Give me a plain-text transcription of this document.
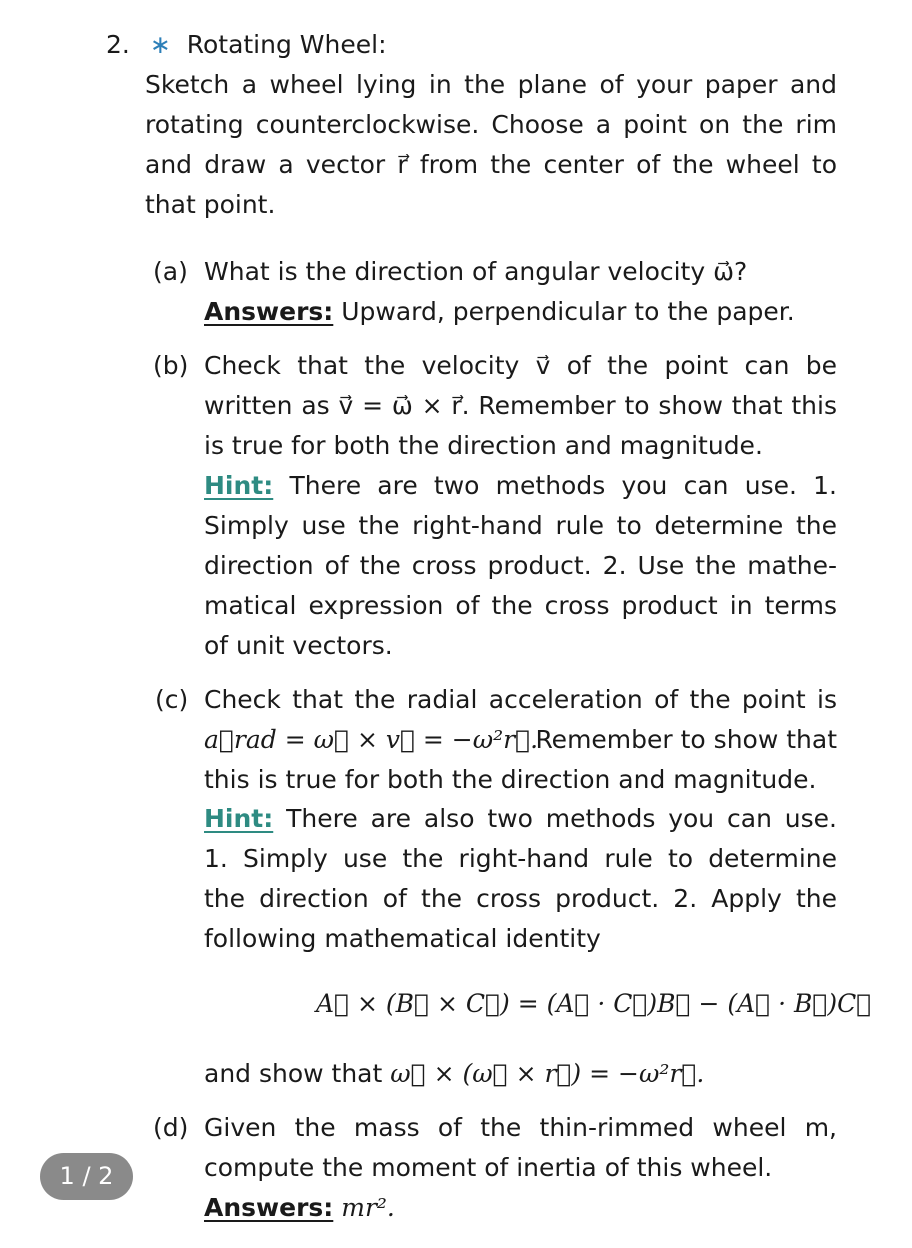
2. ∗ Rotating Wheel:
Sketch a wheel lying in the plane of your paper and
rotating counterclockwise. Choose a point on the rim
and draw a vector r⃗ from the center of the wheel to
that point.
(a) What is the direction of angular velocity ω⃗?
Answers: Upward, perpendicular to the paper.
(b) Check that the velocity v⃗ of the point can be
written as v⃗ = ω⃗ × r⃗. Remember to show that this
is true for both the direction and magnitude.
Hint: There are two methods you can use. 1.
Simply use the right-hand rule to determine the
direction of the cross product. 2. Use the mathe-
matical expression of the cross product in terms
of unit vectors.
(c) Check that the radial acceleration of the point is
a⃗rad = ω⃗ × v⃗ = −ω²r⃗.
Remember to show that
this is true for both the direction and magnitude.
Hint: There are also two methods you can use.
1. Simply use the right-hand rule to determine
the direction of the cross product. 2. Apply the
following mathematical identity
A⃗ × (B⃗ × C⃗) = (A⃗ · C⃗)B⃗ − (A⃗ · B⃗)C⃗
and show that ω⃗ × (ω⃗ × r⃗) = −ω²r⃗.
(d) Given the mass of the thin-rimmed wheel m,
compute the moment of inertia of this wheel.
Answers: mr².
1 / 2
